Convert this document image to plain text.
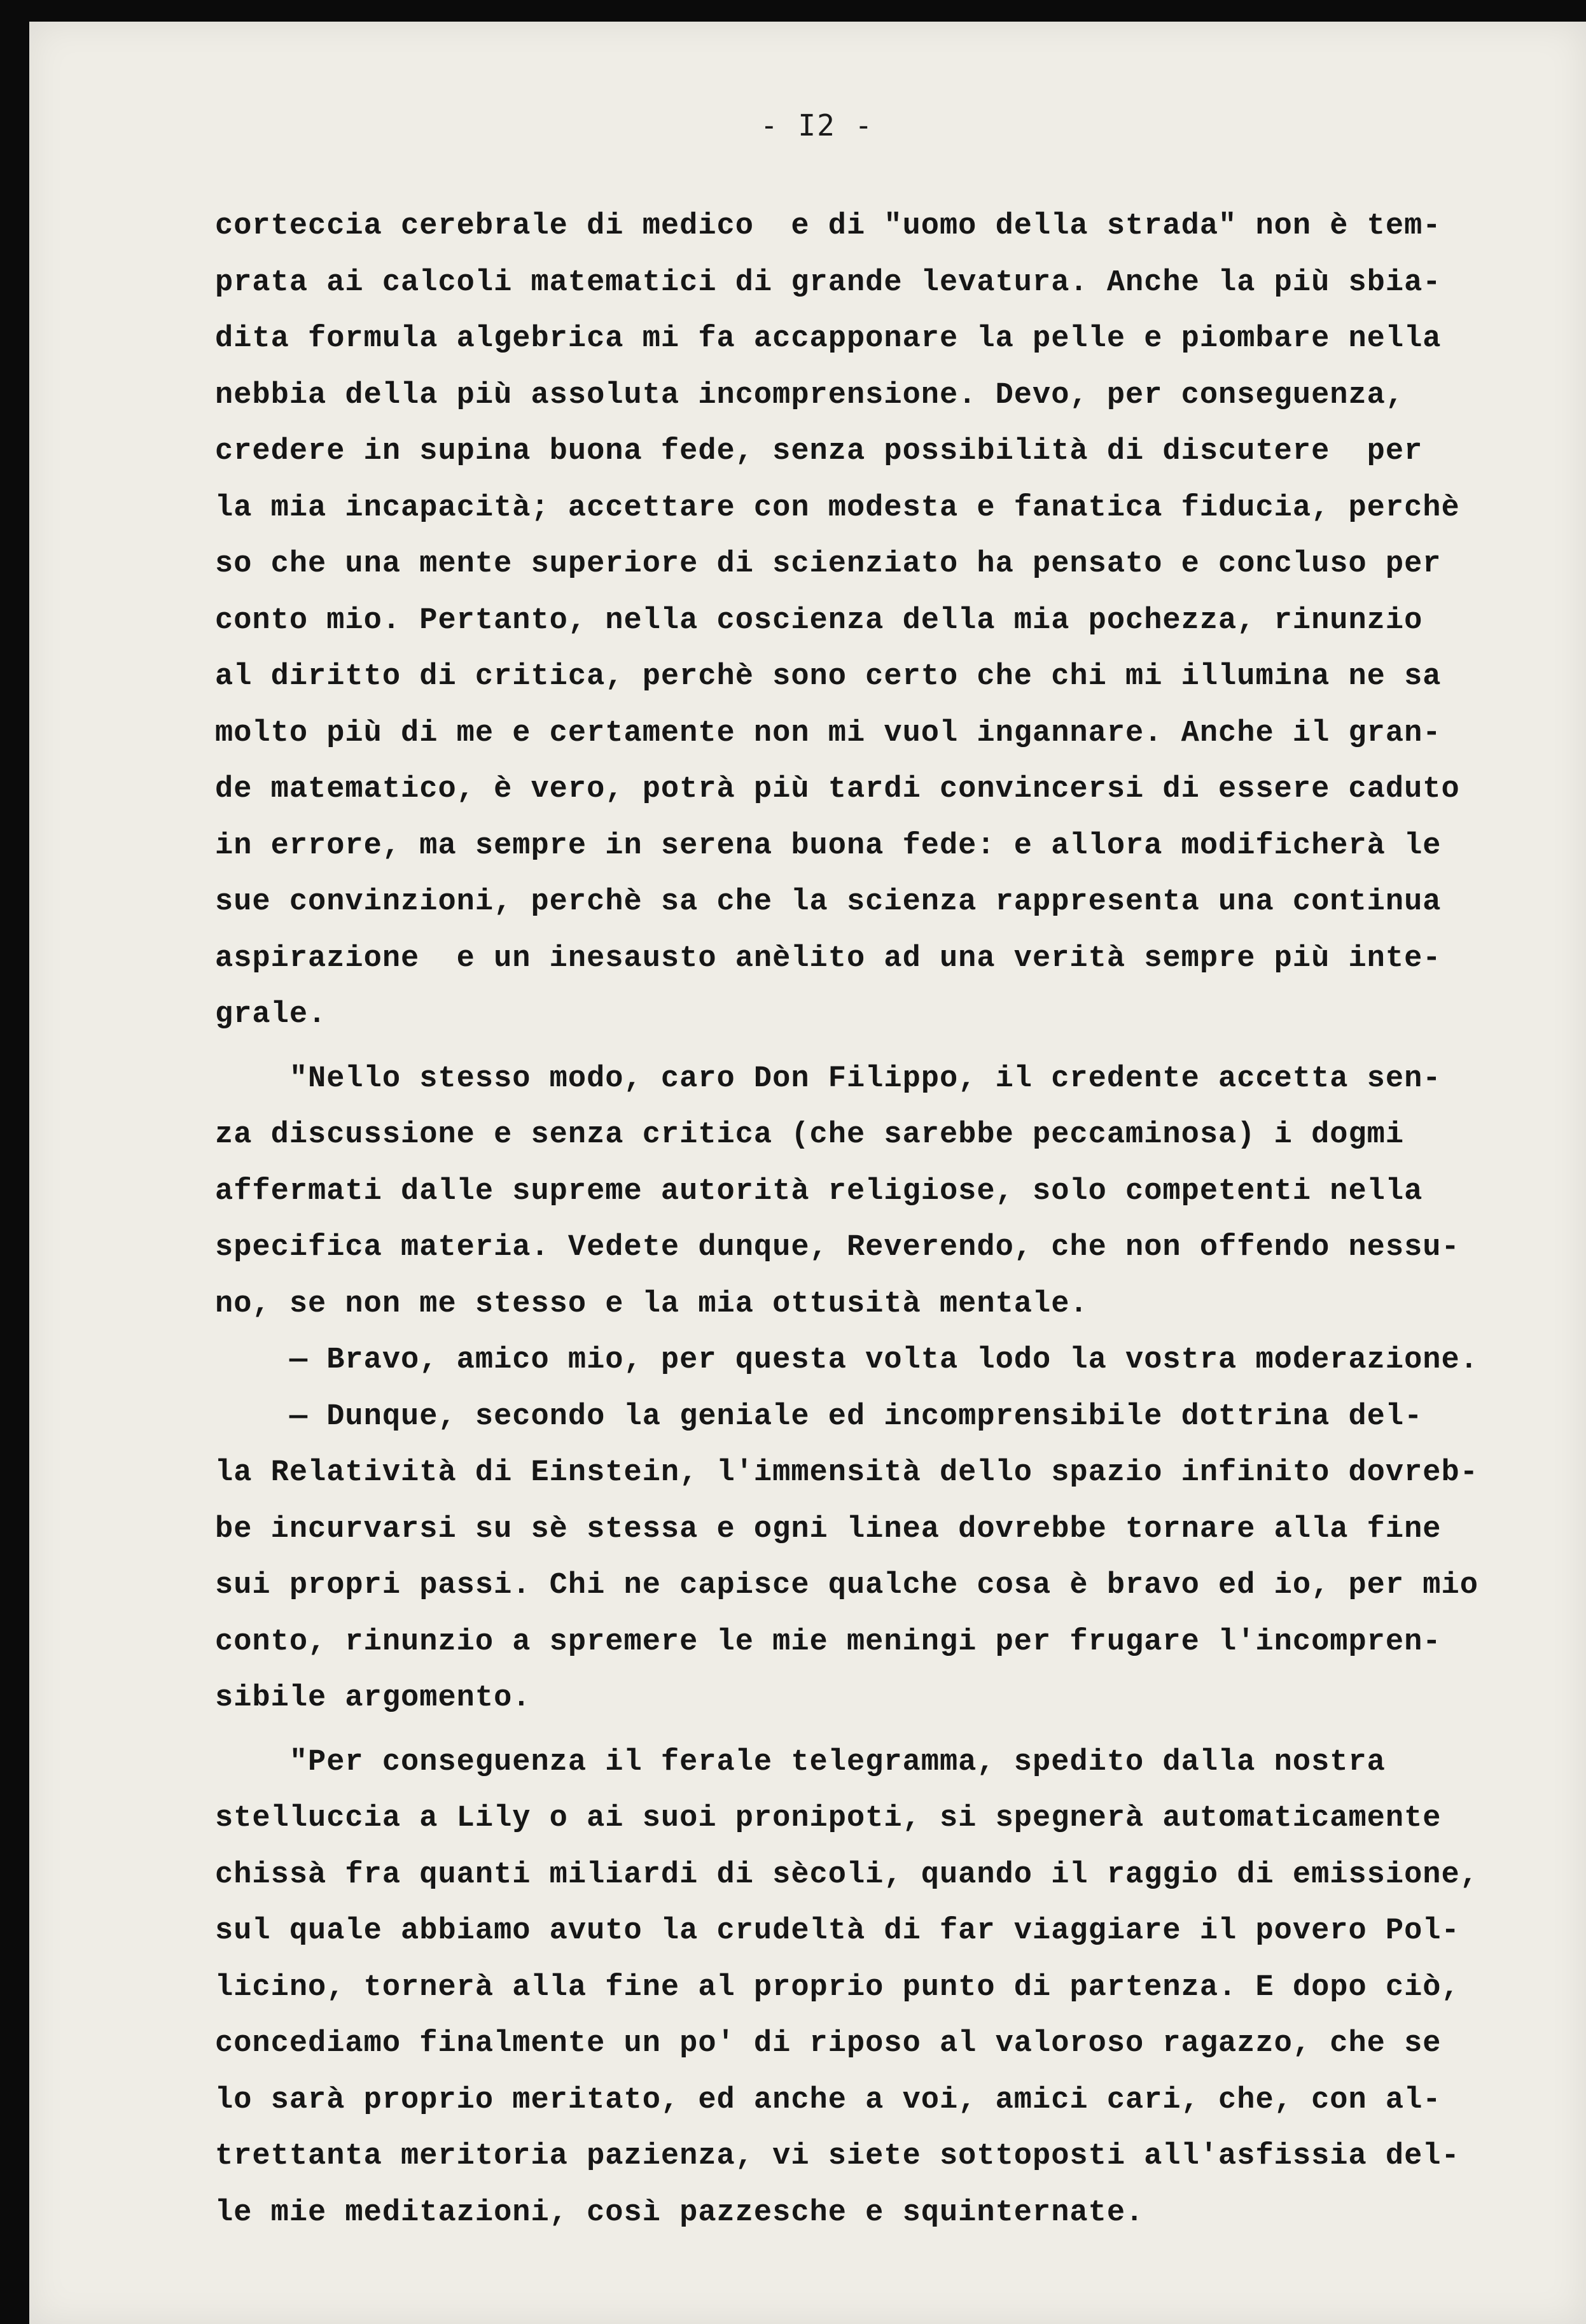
- I2 -
corteccia cerebrale di medico  e di "uomo della strada" non è tem-
prata ai calcoli matematici di grande levatura. Anche la più sbia-
dita formula algebrica mi fa accapponare la pelle e piombare nella
nebbia della più assoluta incomprensione. Devo, per conseguenza,
credere in supina buona fede, senza possibilità di discutere  per
la mia incapacità; accettare con modesta e fanatica fiducia, perchè
so che una mente superiore di scienziato ha pensato e concluso per
conto mio. Pertanto, nella coscienza della mia pochezza, rinunzio
al diritto di critica, perchè sono certo che chi mi illumina ne sa
molto più di me e certamente non mi vuol ingannare. Anche il gran-
de matematico, è vero, potrà più tardi convincersi di essere caduto
in errore, ma sempre in serena buona fede: e allora modificherà le
sue convinzioni, perchè sa che la scienza rappresenta una continua
aspirazione  e un inesausto anèlito ad una verità sempre più inte-
grale.
"Nello stesso modo, caro Don Filippo, il credente accetta sen-
za discussione e senza critica (che sarebbe peccaminosa) i dogmi
affermati dalle supreme autorità religiose, solo competenti nella
specifica materia. Vedete dunque, Reverendo, che non offendo nessu-
no, se non me stesso e la mia ottusità mentale.
— Bravo, amico mio, per questa volta lodo la vostra moderazione.
— Dunque, secondo la geniale ed incomprensibile dottrina del-
la Relatività di Einstein, l'immensità dello spazio infinito dovreb-
be incurvarsi su sè stessa e ogni linea dovrebbe tornare alla fine
sui propri passi. Chi ne capisce qualche cosa è bravo ed io, per mio
conto, rinunzio a spremere le mie meningi per frugare l'incompren-
sibile argomento.
"Per conseguenza il ferale telegramma, spedito dalla nostra
stelluccia a Lily o ai suoi pronipoti, si spegnerà automaticamente
chissà fra quanti miliardi di sècoli, quando il raggio di emissione,
sul quale abbiamo avuto la crudeltà di far viaggiare il povero Pol-
licino, tornerà alla fine al proprio punto di partenza. E dopo ciò,
concediamo finalmente un po' di riposo al valoroso ragazzo, che se
lo sarà proprio meritato, ed anche a voi, amici cari, che, con al-
trettanta meritoria pazienza, vi siete sottoposti all'asfissia del-
le mie meditazioni, così pazzesche e squinternate.
